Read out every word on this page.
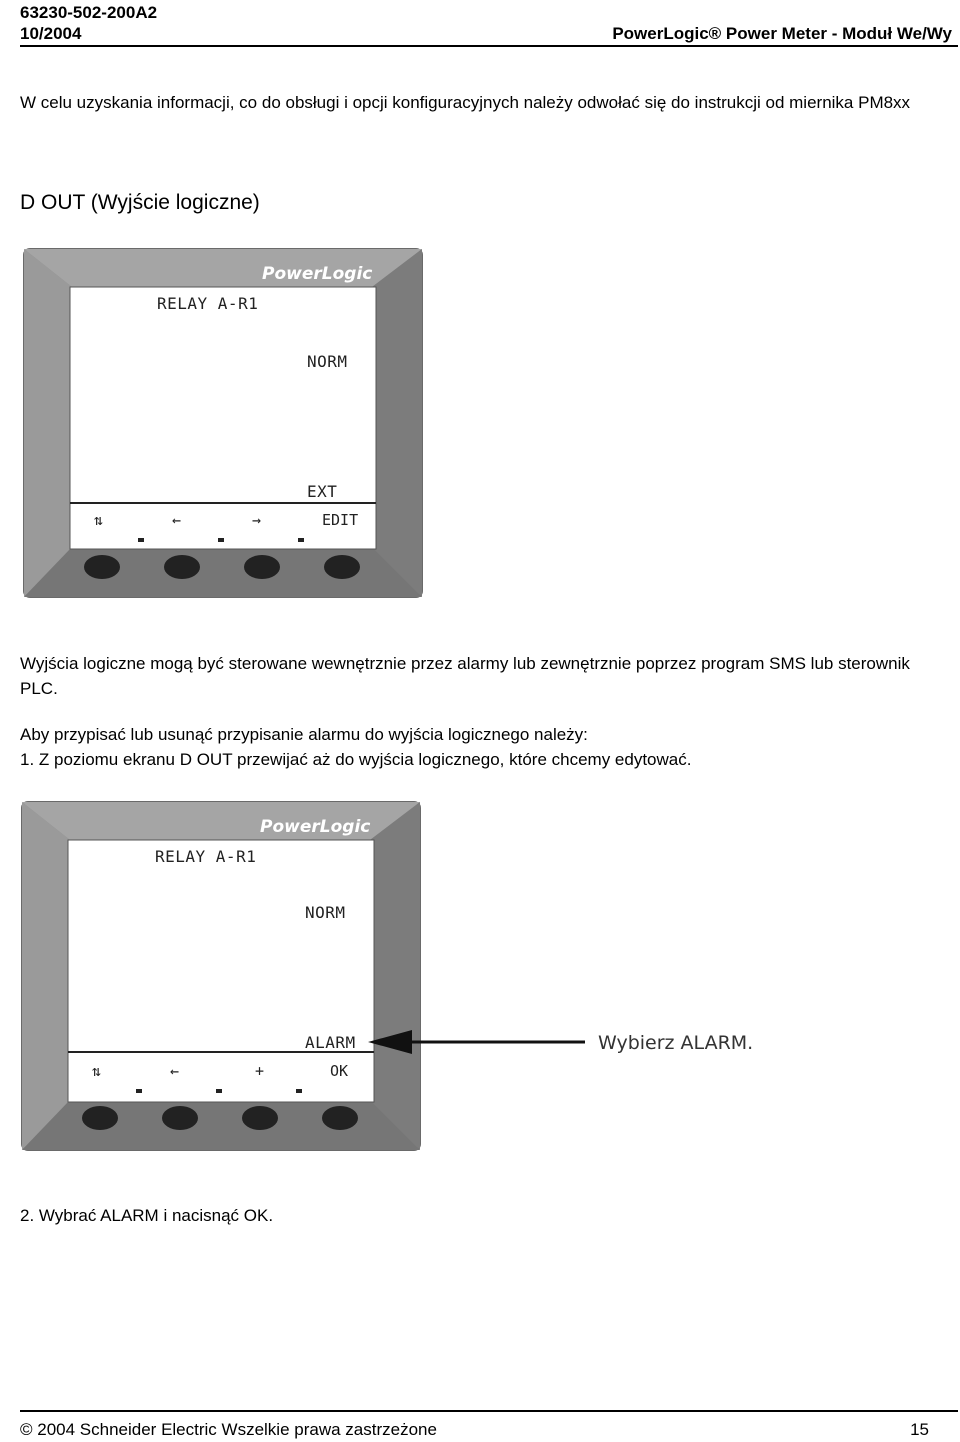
63230-502-200A2
10/2004	PowerLogic® Power Meter - Moduł We/Wy
W celu uzyskania informacji, co do obsługi i opcji konfiguracyjnych należy odwołać się do instrukcji od miernika PM8xx
D OUT (Wyjście logiczne)
PowerLogic
RELAY A-R1
NORM
EXT
⇅	←	→	EDIT
Wyjścia logiczne mogą być sterowane wewnętrznie przez alarmy lub zewnętrznie poprzez program SMS lub sterownik PLC.
Aby przypisać lub usunąć przypisanie alarmu do wyjścia logicznego należy:
1. Z poziomu ekranu D OUT przewijać aż do wyjścia logicznego, które chcemy edytować.
PowerLogic
RELAY A-R1
NORM
ALARM
⇅	←	+	OK
Wybierz ALARM.
2. Wybrać ALARM i nacisnąć OK.
© 2004 Schneider Electric Wszelkie prawa zastrzeżone	15
